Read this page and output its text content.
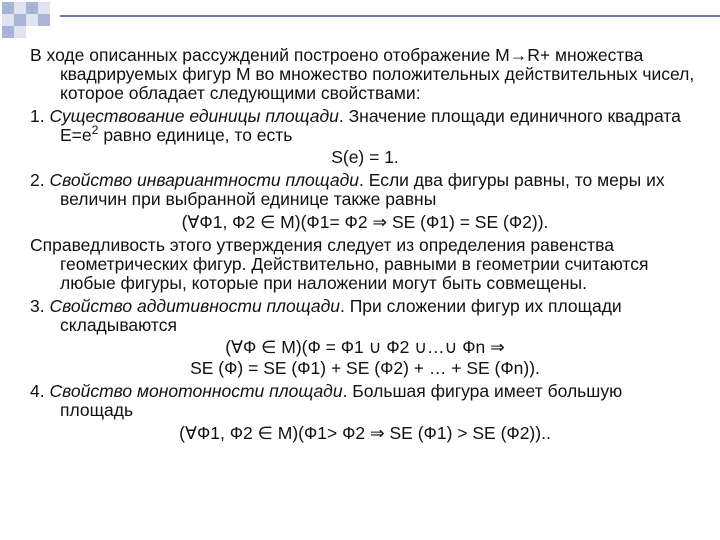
В ходе описанных рассуждений построено отображение M→R+ множества квадрируемых фигур M во множество положительных действительных чисел, которое обладает следующими свойствами:

1. Существование единицы площади. Значение площади единичного квадрата $E=e^2$ равно единице, то есть

S(e) = 1.

2. Свойство инвариантности площади. Если два фигуры равны, то меры их величин при выбранной единице также равны

(∀Ф1, Ф2 ∈ M)(Ф1= Ф2 ⇒ SE (Ф1) = SE (Ф2)).

Справедливость этого утверждения следует из определения равенства геометрических фигур. Действительно, равными в геометрии считаются любые фигуры, которые при наложении могут быть совмещены.

3. Свойство аддитивности площади. При сложении фигур их площади складываются

(∀Ф ∈ M)(Ф = Ф1 ∪ Ф2 ∪…∪ Фn ⇒

SE (Ф) = SE (Ф1) + SE (Ф2) + … + SE (Фn)).

4. Свойство монотонности площади. Большая фигура имеет большую площадь

(∀Ф1, Ф2 ∈ M)(Ф1> Ф2 ⇒ SE (Ф1) > SE (Ф2))..
